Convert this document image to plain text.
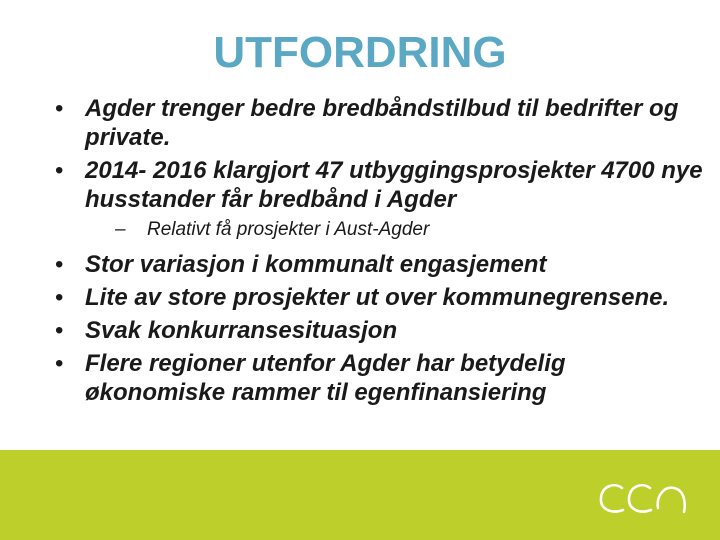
UTFORDRING
• Agder trenger bedre bredbåndstilbud til bedrifter og private.
• 2014- 2016 klargjort 47 utbyggingsprosjekter 4700 nye husstander får bredbånd i Agder
– Relativt få prosjekter i Aust-Agder
• Stor variasjon i kommunalt engasjement
• Lite av store prosjekter ut over kommunegrensene.
• Svak konkurransesituasjon
• Flere regioner utenfor Agder har betydelig økonomiske rammer til egenfinansiering
